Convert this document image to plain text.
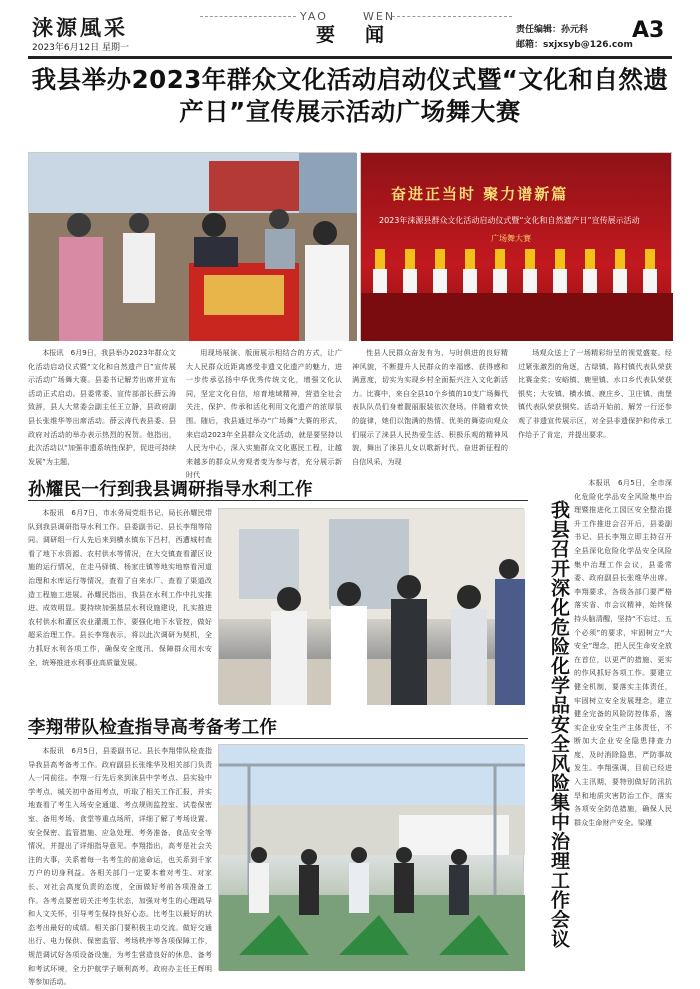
涞源風采
2023年6月12日 星期一
YAO	WEN
要闻	责任编辑：孙元科
邮箱：sxjxsyb@126.com
A3
我县举办2023年群众文化活动启动仪式暨“文化和自然遗产日”宣传展示活动广场舞大赛
奋进正当时 聚力谱新篇
2023年涞源县群众文化活动启动仪式暨“文化和自然遗产日”宣传展示活动
广场舞大赛

本报讯　6月9日，我县举办2023年群众文化活动启动仪式暨“文化和自然遗产日”宣传展示活动广场舞大赛。县委书记解芳出席并宣布活动正式启动。县委常委、宣传部部长薛云涛致辞，县人大常委会副主任王立静，县政府副县长张维华等出席活动。薛云涛代表县委、县政府对活动的举办表示热烈的祝贺。他指出，此次活动以“加强非遗系统性保护，促进可持续发展”为主题，

用现场展演、版面展示相结合的方式，让广大人民群众近距离感受非遗文化遗产的魅力，进一步传承弘扬中华优秀传统文化，增强文化认同，坚定文化自信，培育地域精神，营造全社会关注、保护、传承和活化利用文化遗产的浓厚氛围。随后，我县通过举办“广场舞”大赛的形式，来启动2023年全县群众文化活动，就是要坚持以人民为中心，深入实施群众文化惠民工程，让越来越多的群众从旁观者变为参与者，充分展示新时代

性县人民群众奋发有为、与时俱进的良好精神风貌，不断提升人民群众的幸福感、获得感和满意度，切实为实现乡村全面振兴注入文化新活力。比赛中，来自全县10个乡镇的10支广场舞代表队队员们身着靓丽服装依次登场。伴随着欢快的旋律，她们以饱满的热情、优美的舞姿向观众们展示了涞县人民热爱生活、积极乐观的精神风貌，舞出了涞县儿女以歌新时代、奋进新征程的自信风采，为现

场观众送上了一场精彩纷呈的视觉盛宴。经过紧张激烈的角逐，古绿镇、陈村镇代表队荣获比赛金奖；安峪镇、鹿里镇、水口乡代表队荣获银奖；大安镇、横水镇、鹿庄乡、卫庄镇、南堡镇代表队荣获铜奖。活动开始前，解芳一行还参观了非遗宣传展示区，对全县非遗保护和传承工作给予了肯定，并提出要求。

孙耀民一行到我县调研指导水利工作

本报讯　6月7日，市水务局党组书记、局长孙耀民带队到我县调研指导水利工作。县委副书记、县长李翔等陪同。调研组一行人先后来到横水镇东下吕村，西遭城村查看了地下水资源、农村供水等情况，在大交镇查看灌区设施的运行情况，在走马驿镇、杨家庄镇等地实地察看河道治理和水库运行等情况，查看了自来水厂、查看了渠道改造工程施工进展。孙耀民指出，我县在水利工作中扎实推进、成效明显。要持续加强基层水利设施建设，扎实推进农村供水和灌区农业灌溉工作，要强化地下水管控，做好超采治理工作。县长李翔表示，将以此次调研为契机，全力抓好水利各项工作，确保安全度汛、保障群众用水安全，统筹推进水利事业高质量发展。

李翔带队检查指导高考备考工作

本报讯　6月5日，县委副书记、县长李翔带队检查指导我县高考备考工作。政府副县长张维华及相关部门负责人一同前往。李翔一行先后来到涞县中学考点、县实验中学考点、城关初中备用考点，听取了相关工作汇报，并实地查看了考生入场安全通道、考点规则监控室、试卷保密室、备用考场、食堂等重点场所，详细了解了考场设置、安全保密、监管措施、应急处理、考务准备、食品安全等情况，并提出了详细指导意见。李翔指出，高考是社会关注的大事，关系着每一名考生的前途命运，也关系到千家万户的切身利益。各相关部门一定要本着对考生、对家长、对社会高度负责的态度，全面做好考前各项准备工作。各考点要密切关注考生状态，加强对考生的心理疏导和人文关怀，引导考生保持良好心态。比考生以最好的状态考出最好的成绩。相关部门要积极主动交流。做好交通出行、电力保供、保密监管、考场秩序等各项保障工作，规范调试好各项设备设施，为考生营造良好的休息、备考和考试环境，全力护航学子顺利高考。政府办主任王辉明等参加活动。

我县召开深化危险化学品安全风险集中治理工作会议

本报讯　6月5日，全市深化危险化学品安全风险集中治理暨推进化工园区安全整治提升工作推进会召开后，县委副书记、县长李翔立即主持召开全县深化危险化学品安全风险集中治理工作会议，县委常委、政府副县长张维华出席。李翔要求，各级各部门要严格落实省、市会议精神，始终保持头脑清醒，坚持“不忘过、五个必须”的要求，牢固树立“大安全”理念，把人民生命安全放在首位，以更严的措施、更实的作风抓好各项工作。要建立健全机制，要落实主体责任，牢固树立安全发展理念，建立健全完备的风险防控体系，落实企业安全生产主体责任，不断加大企业安全隐患排查力度，及时消除隐患，严防事故发生。李翔强调，目前已经进入主汛期，要特别做好防汛抗旱和地质灾害防治工作，落实各项安全防范措施，确保人民群众生命财产安全。梁瑾
